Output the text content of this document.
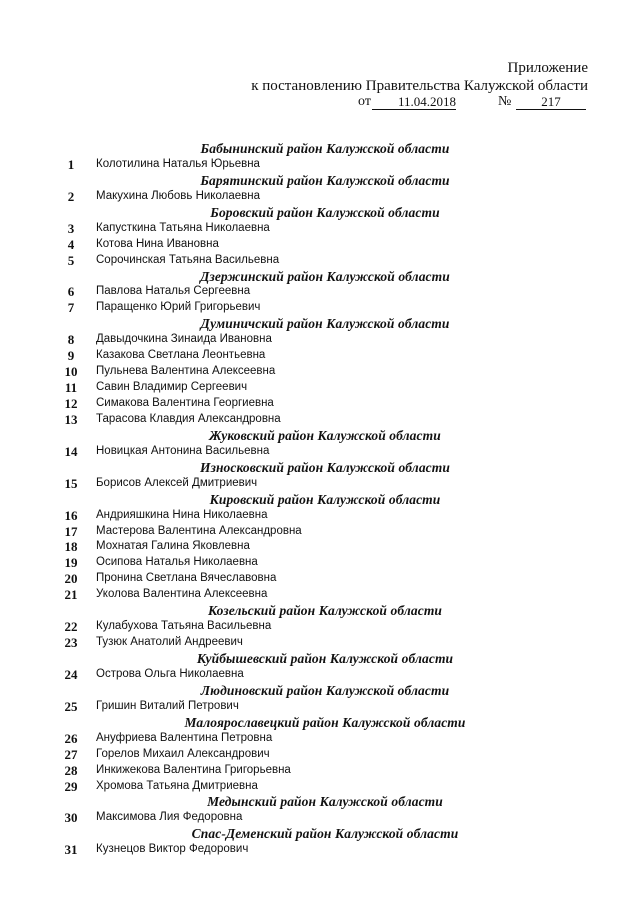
Приложение
к постановлению Правительства Калужской области
от	11.04.2018	№	217
Бабынинский район Калужской области
1	Колотилина Наталья Юрьевна
Барятинский район Калужской области
2	Макухина Любовь Николаевна
Боровский район Калужской области
3	Капусткина Татьяна Николаевна
4	Котова Нина Ивановна
5	Сорочинская Татьяна Васильевна
Дзержинский район Калужской области
6	Павлова Наталья Сергеевна
7	Паращенко Юрий Григорьевич
Думиничский район Калужской области
8	Давыдочкина Зинаида Ивановна
9	Казакова Светлана Леонтьевна
10	Пульнева Валентина Алексеевна
11	Савин Владимир Сергеевич
12	Симакова Валентина Георгиевна
13	Тарасова Клавдия Александровна
Жуковский район Калужской области
14	Новицкая Антонина Васильевна
Износковский район Калужской области
15	Борисов Алексей Дмитриевич
Кировский район Калужской области
16	Андрияшкина Нина Николаевна
17	Мастерова Валентина Александровна
18	Мохнатая Галина Яковлевна
19	Осипова Наталья Николаевна
20	Пронина Светлана Вячеславовна
21	Уколова Валентина Алексеевна
Козельский район Калужской области
22	Кулабухова Татьяна Васильевна
23	Тузюк Анатолий Андреевич
Куйбышевский район Калужской области
24	Острова Ольга Николаевна
Людиновский район Калужской области
25	Гришин Виталий Петрович
Малоярославецкий район Калужской области
26	Ануфриева Валентина Петровна
27	Горелов Михаил Александрович
28	Инкижекова Валентина Григорьевна
29	Хромова Татьяна Дмитриевна
Медынский район Калужской области
30	Максимова Лия Федоровна
Спас-Деменский район Калужской области
31	Кузнецов Виктор Федорович
